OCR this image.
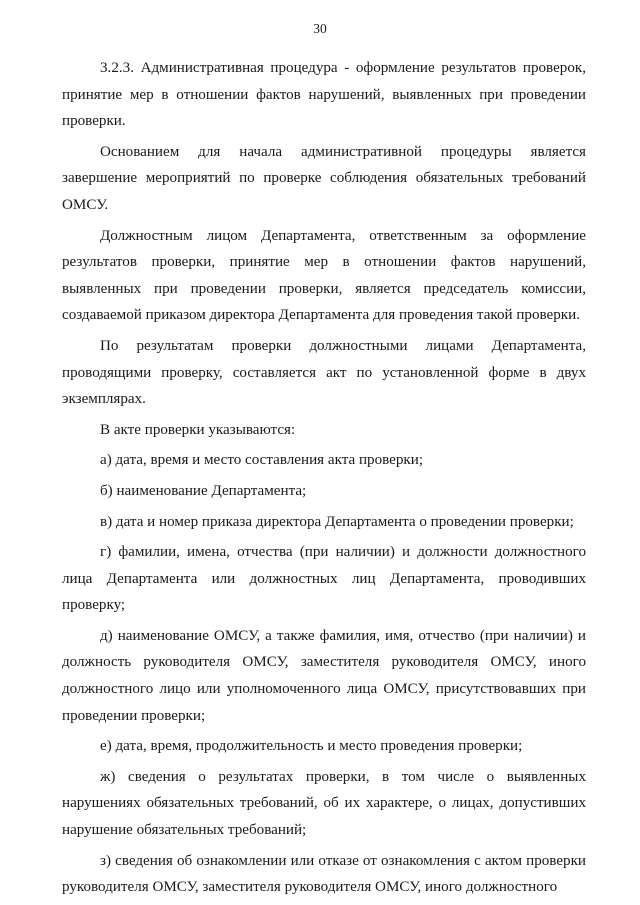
30

3.2.3. Административная процедура - оформление результатов проверок, принятие мер в отношении фактов нарушений, выявленных при проведении проверки.

Основанием для начала административной процедуры является завершение мероприятий по проверке соблюдения обязательных требований ОМСУ.

Должностным лицом Департамента, ответственным за оформление результатов проверки, принятие мер в отношении фактов нарушений, выявленных при проведении проверки, является председатель комиссии, создаваемой приказом директора Департамента для проведения такой проверки.

По результатам проверки должностными лицами Департамента, проводящими проверку, составляется акт по установленной форме в двух экземплярах.

В акте проверки указываются:

а) дата, время и место составления акта проверки;

б) наименование Департамента;

в) дата и номер приказа директора Департамента о проведении проверки;

г) фамилии, имена, отчества (при наличии) и должности должностного лица Департамента или должностных лиц Департамента, проводивших проверку;

д) наименование ОМСУ, а также фамилия, имя, отчество (при наличии) и должность руководителя ОМСУ, заместителя руководителя ОМСУ, иного должностного лицо или уполномоченного лица ОМСУ, присутствовавших при проведении проверки;

е) дата, время, продолжительность и место проведения проверки;

ж) сведения о результатах проверки, в том числе о выявленных нарушениях обязательных требований, об их характере, о лицах, допустивших нарушение обязательных требований;

з) сведения об ознакомлении или отказе от ознакомления с актом проверки руководителя ОМСУ, заместителя руководителя ОМСУ, иного должностного
